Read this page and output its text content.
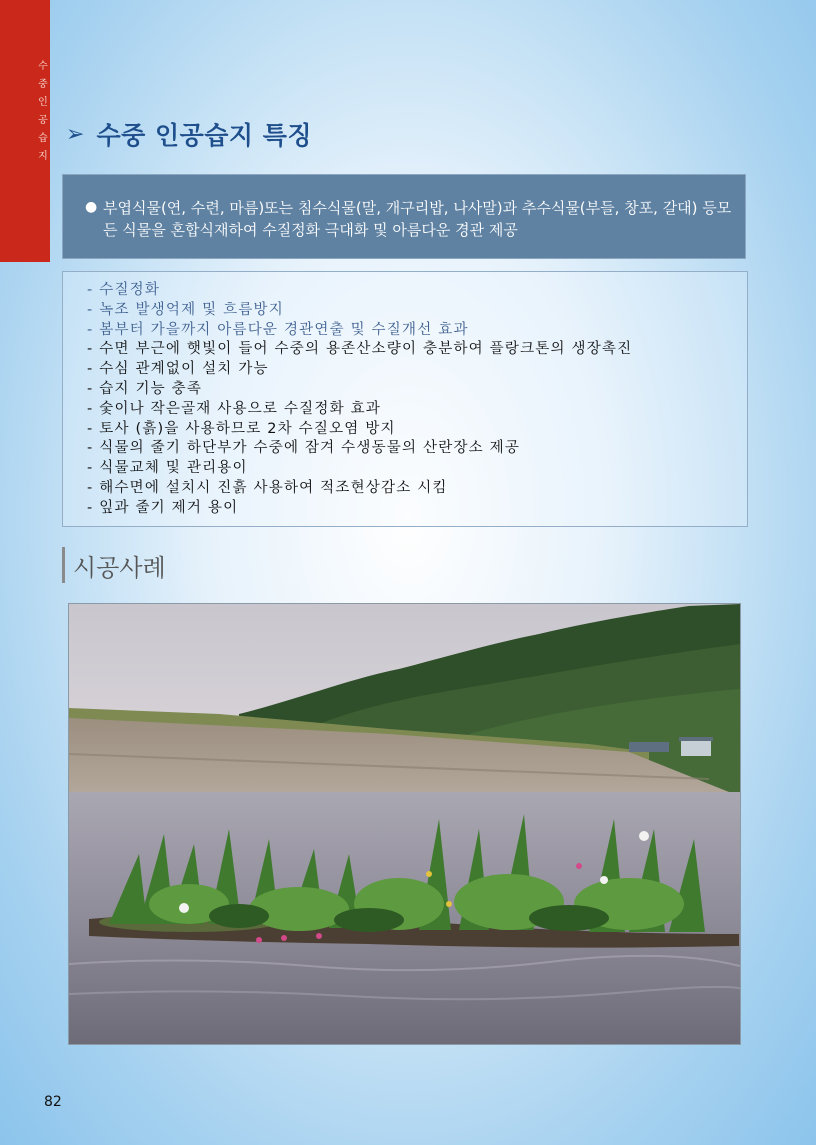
수중인공습지
➢ 수중 인공습지 특징
● 부엽식물(연, 수련, 마름)또는 침수식물(말, 개구리밥, 나사말)과 추수식물(부들, 창포, 갈대) 등모든 식물을 혼합식재하여 수질정화 극대화 및 아름다운 경관 제공
- 수질정화
- 녹조 발생억제 및 흐름방지
- 봄부터 가을까지 아름다운 경관연출 및 수질개선 효과
- 수면 부근에 햇빛이 들어 수중의 용존산소량이 충분하여 플랑크톤의 생장촉진
- 수심 관계없이 설치 가능
- 습지 기능 충족
- 숯이나 작은골재 사용으로 수질정화 효과
- 토사 (흙)을 사용하므로 2차 수질오염 방지
- 식물의 줄기 하단부가 수중에 잠겨 수생동물의 산란장소 제공
- 식물교체 및 관리용이
- 해수면에 설치시 진흙 사용하여 적조현상감소 시킴
- 잎과 줄기 제거 용이
시공사례
82
